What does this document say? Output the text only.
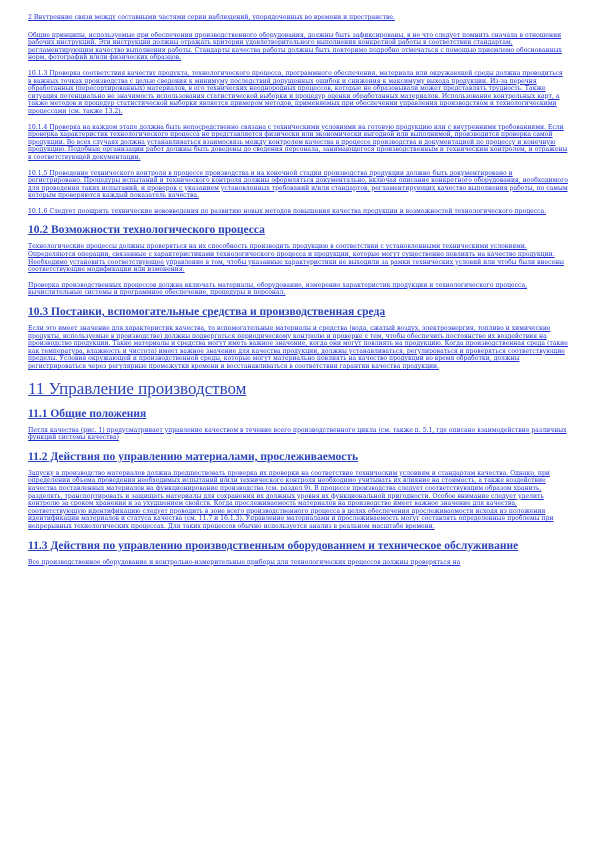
2 Внутренние связи между составными частями серии наблюдений, упорядоченных во времени и пространстве.

Общие принципы, используемые при обеспечении производственного оборудования, должны быть зафиксированы, в не что следует помнить сначала в отношении рабочих инструкций. Эти инструкции должны отражать критерии удовлетворительного выполнения конкретной работы в соответствии стандартам, регламентирующим качество выполнения работы. Стандарты качества работы должны быть повторимо подробно отмечаться с помощью приемлемо обоснованных норм, фотографий и/или физических образцов.

10.1.3 Проверка соответствия качеству продукта, технологического процесса, программного обеспечения, материала или окружающей среды должна проводиться в важных точках производства с целью сведения к минимуму последствий допущенных ошибок и снижения к максимуму выхода продукции. Из-за перечня обработанных (пересортированных) материалов, в его технических неоднородных процессов, которые не образовывали может представлять трудность. Также ситуация потенциально не значимость использования статистической выборки и процедур оценки обработанных материалов. Использование контрольных карт, а также методов и процедур статистической выборки является примером методов, применяемых при обеспечении управления производством и технологическими процессами (см. также 13.2).

10.1.4 Проверка на каждом этапе должна быть непосредственно связана с техническими условиями на готовую продукцию или с внутренними требованиями. Если проверка характеристик технологического процесса не представляется физически или экономически выгодной или выполнимой, производится проверка самой продукции. Во всех случаях должна устанавливаться взаимосвязь между контролем качества в процессе производства и документацией по процессу и конечную продукцию. Подобные организации работ должны быть доведены до сведения персонала, занимающегося производственным и техническим контролем, и отражены в соответствующей документации.

10.1.5 Проведение технического контроля в процессе производства и на конечной стадии производства продукции должно быть документировано и регистрировано. Процедуры испытаний и технического контроля должны оформляться документально, включая описание конкретного оборудования, необходимого для проведения таких испытаний, и проверок с указанием установленных требований и/или стандартов, регламентирующих качество выполнения работы, по самым которым проверяются каждый показатель качества.

10.1.6 Следует поощрять технические нововведения по развитию новых методов повышения качества продукции и возможностей технологического процесса.

10.2 Возможности технологического процесса

Технологические процессы должны проверяться на их способность производить продукцию в соответствии с установленными техническими условиями. Определяются операции, связанные с характеристиками технологического процесса и продукции, которые могут существенно повлиять на качество продукции. Необходимо установить соответствующее управление в том, чтобы указанные характеристики не выходили за рамки технических условий или чтобы были внесены соответствующие модификации или изменения.

Проверка производственных процессов должна включать материалы, оборудование, измерение характеристик продукции и технологического процесса, вычислительные системы и программное обеспечение, процедуры и персонал.

10.3 Поставки, вспомогательные средства и производственная среда

Если это имеет значение для характеристик качества, то вспомогательные материалы и средства (вода, сжатый воздух, электроэнергия, топливо и химические продукты, используемые в производстве) должны подвергаться периодическому контролю и проверке с тем, чтобы обеспечить постоянство их воздействия на производство продукции. Такие материалы и средства могут иметь важное значение, когда они могут повлиять на продукцию. Когда производственная среда (такие как температура, влажность и чистота) имеет важное значение для качества продукции, должны устанавливаться, регулироваться и проверяться соответствующие пределы. Условия окружающей и производственной среды, которые могут материально повлиять на качество продукции во время обработки, должны регистрироваться через регулярные промежутки времени и восстанавливаться в соответствии гарантии качества продукции.

11 Управление производством
11.1 Общие положения

Петля качества (рис. 1) предусматривает управление качеством в течение всего производственного цикла (см. также п. 5.1, где описано взаимодействие различных функций системы качества)

11.2 Действия по управлению материалами, прослеживаемость

Запуску в производство материалов должна предшествовать проверка их проверки на соответствие техническим условиям и стандартам качества. Однако, при определении объема проведения необходимых испытаний и/или технического контроля необходимо учитывать их влияние на стоимость, а также воздействие качества поставленных материалов на функционирование производства (см. раздел 9). В процессе производства следует соответствующим образом хранить, разделять, транспортировать и защищать материалы для сохранения их должных уровня их функциональной пригодности. Особое внимание следует уделить контролю за сроком хранения и за ухудшением свойств. Когда прослеживаемость материалов на производстве имеет важное значение для качества, соответствующую идентификацию следует проводить в зоне всего производственного процесса в целях обеспечения прослеживаемости исходя из положения идентификации материалов и статуса качества (см. 11.7 и 16.1.3). Управление материалами и прослеживаемость могут составлять определенные проблемы при непрерывных технологических процессах. Для таких процессов обычно используется анализ в реальном масштабе времени.

11.3 Действия по управлению производственным оборудованием и техническое обслуживание

Все производственное оборудование и контрольно-измерительные приборы для технологических процессов должны проверяться на
